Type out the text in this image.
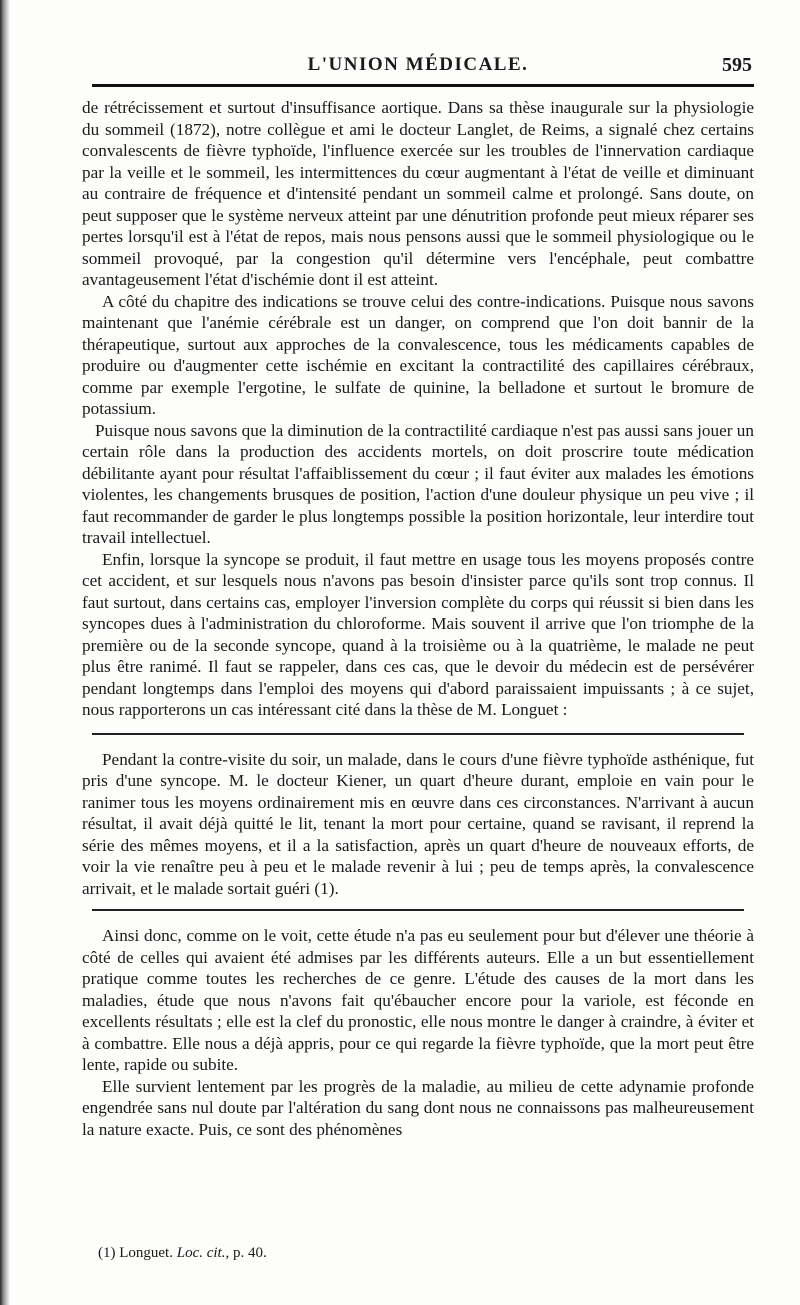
L'UNION MÉDICALE.	595

de rétrécissement et surtout d'insuffisance aortique. Dans sa thèse inaugurale sur la physiologie du sommeil (1872), notre collègue et ami le docteur Langlet, de Reims, a signalé chez certains convalescents de fièvre typhoïde, l'influence exercée sur les troubles de l'innervation cardiaque par la veille et le sommeil, les intermittences du cœur augmentant à l'état de veille et diminuant au contraire de fréquence et d'intensité pendant un sommeil calme et prolongé. Sans doute, on peut supposer que le système nerveux atteint par une dénutrition profonde peut mieux réparer ses pertes lorsqu'il est à l'état de repos, mais nous pensons aussi que le sommeil physiologique ou le sommeil provoqué, par la congestion qu'il détermine vers l'encéphale, peut combattre avantageusement l'état d'ischémie dont il est atteint.

A côté du chapitre des indications se trouve celui des contre-indications. Puisque nous savons maintenant que l'anémie cérébrale est un danger, on comprend que l'on doit bannir de la thérapeutique, surtout aux approches de la convalescence, tous les médicaments capables de produire ou d'augmenter cette ischémie en excitant la contractilité des capillaires cérébraux, comme par exemple l'ergotine, le sulfate de quinine, la belladone et surtout le bromure de potassium.

Puisque nous savons que la diminution de la contractilité cardiaque n'est pas aussi sans jouer un certain rôle dans la production des accidents mortels, on doit proscrire toute médication débilitante ayant pour résultat l'affaiblissement du cœur ; il faut éviter aux malades les émotions violentes, les changements brusques de position, l'action d'une douleur physique un peu vive ; il faut recommander de garder le plus longtemps possible la position horizontale, leur interdire tout travail intellectuel.

Enfin, lorsque la syncope se produit, il faut mettre en usage tous les moyens proposés contre cet accident, et sur lesquels nous n'avons pas besoin d'insister parce qu'ils sont trop connus. Il faut surtout, dans certains cas, employer l'inversion complète du corps qui réussit si bien dans les syncopes dues à l'administration du chloroforme. Mais souvent il arrive que l'on triomphe de la première ou de la seconde syncope, quand à la troisième ou à la quatrième, le malade ne peut plus être ranimé. Il faut se rappeler, dans ces cas, que le devoir du médecin est de persévérer pendant longtemps dans l'emploi des moyens qui d'abord paraissaient impuissants ; à ce sujet, nous rapporterons un cas intéressant cité dans la thèse de M. Longuet :

Pendant la contre-visite du soir, un malade, dans le cours d'une fièvre typhoïde asthénique, fut pris d'une syncope. M. le docteur Kiener, un quart d'heure durant, emploie en vain pour le ranimer tous les moyens ordinairement mis en œuvre dans ces circonstances. N'arrivant à aucun résultat, il avait déjà quitté le lit, tenant la mort pour certaine, quand se ravisant, il reprend la série des mêmes moyens, et il a la satisfaction, après un quart d'heure de nouveaux efforts, de voir la vie renaître peu à peu et le malade revenir à lui ; peu de temps après, la convalescence arrivait, et le malade sortait guéri (1).

Ainsi donc, comme on le voit, cette étude n'a pas eu seulement pour but d'élever une théorie à côté de celles qui avaient été admises par les différents auteurs. Elle a un but essentiellement pratique comme toutes les recherches de ce genre. L'étude des causes de la mort dans les maladies, étude que nous n'avons fait qu'ébaucher encore pour la variole, est féconde en excellents résultats ; elle est la clef du pronostic, elle nous montre le danger à craindre, à éviter et à combattre. Elle nous a déjà appris, pour ce qui regarde la fièvre typhoïde, que la mort peut être lente, rapide ou subite.

Elle survient lentement par les progrès de la maladie, au milieu de cette adynamie profonde engendrée sans nul doute par l'altération du sang dont nous ne connaissons pas malheureusement la nature exacte. Puis, ce sont des phénomènes

(1) Longuet. Loc. cit., p. 40.
